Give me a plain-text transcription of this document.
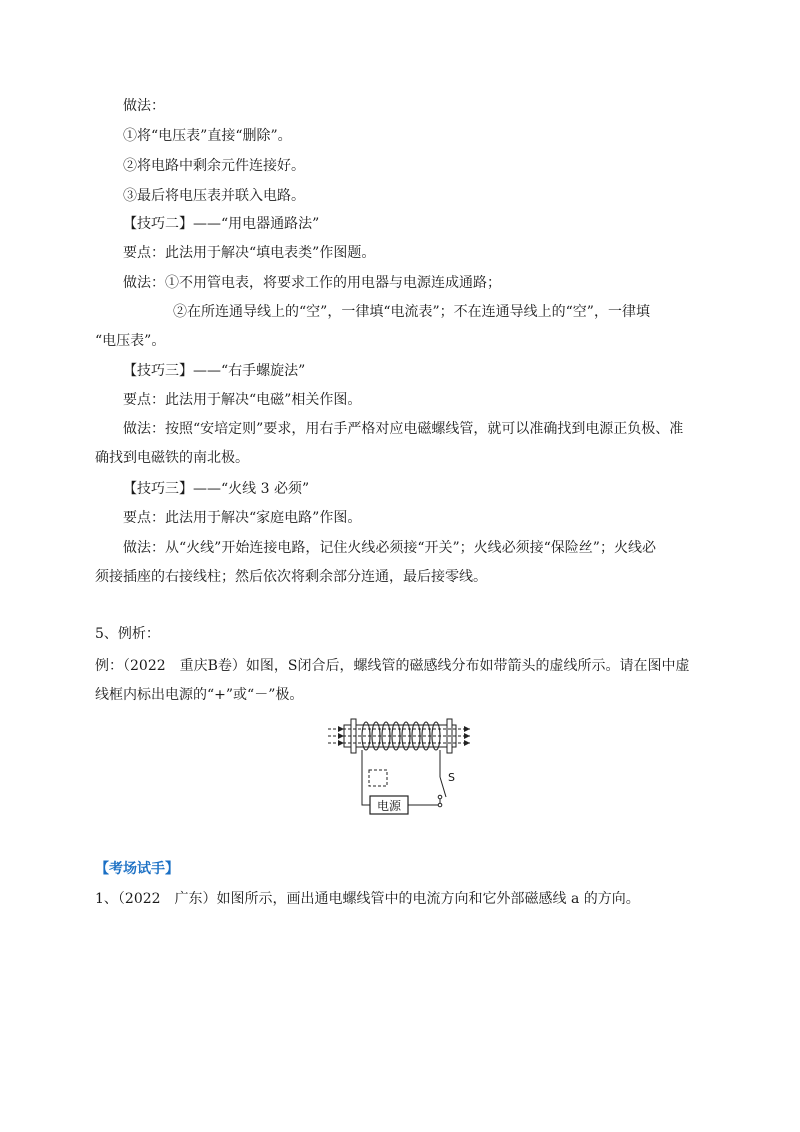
做法：
①将“电压表”直接“删除”。
②将电路中剩余元件连接好。
③最后将电压表并联入电路。
【技巧二】——“用电器通路法”
要点：此法用于解决“填电表类”作图题。
做法：①不用管电表，将要求工作的用电器与电源连成通路；
②在所连通导线上的“空”，一律填“电流表”；不在连通导线上的“空”，一律填
“电压表”。
【技巧三】——“右手螺旋法”
要点：此法用于解决“电磁”相关作图。
做法：按照“安培定则”要求，用右手严格对应电磁螺线管，就可以准确找到电源正负极、准
确找到电磁铁的南北极。
【技巧三】——“火线 3 必须”
要点：此法用于解决“家庭电路”作图。
做法：从“火线”开始连接电路，记住火线必须接“开关”；火线必须接“保险丝”；火线必
须接插座的右接线柱；然后依次将剩余部分连通，最后接零线。
5、例析：
例：（2022　重庆B卷）如图，S闭合后，螺线管的磁感线分布如带箭头的虚线所示。请在图中虚
线框内标出电源的“+”或“－”极。
电源
S
【考场试手】
1、（2022　广东）如图所示，画出通电螺线管中的电流方向和它外部磁感线 a 的方向。
